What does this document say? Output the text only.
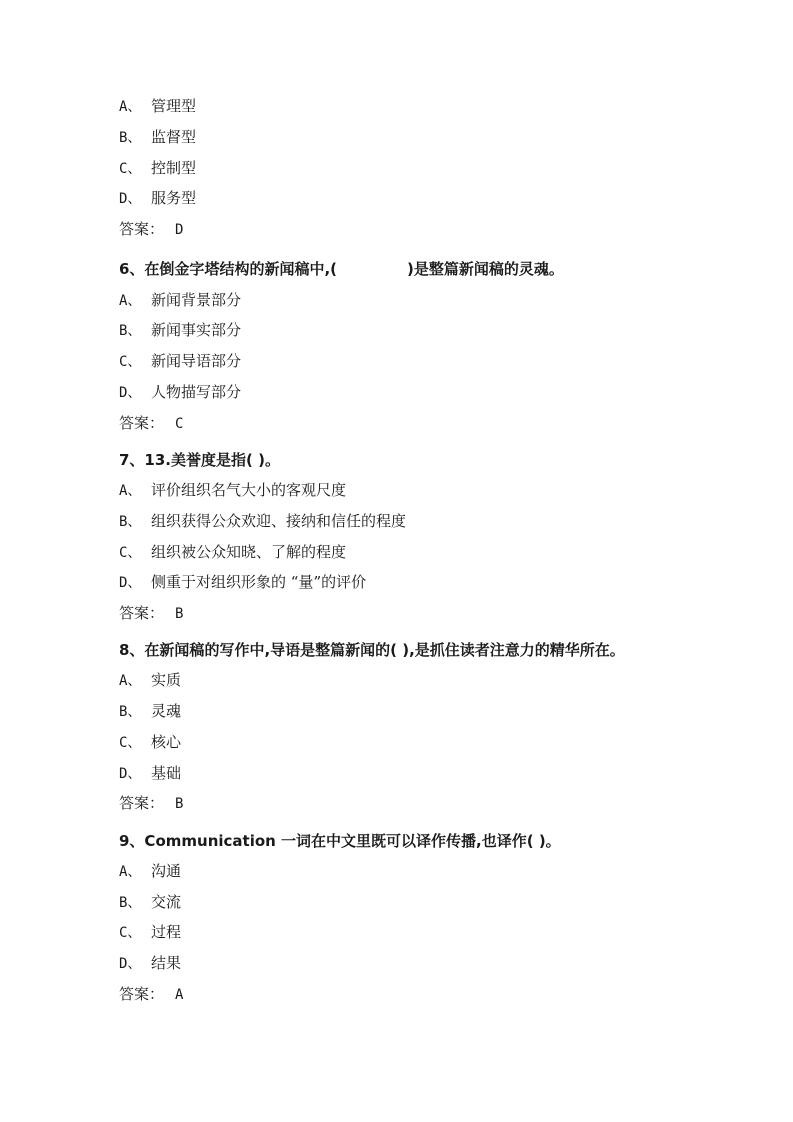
A、 管理型
B、 监督型
C、 控制型
D、 服务型
答案： D
6、在倒金字塔结构的新闻稿中,(	)是整篇新闻稿的灵魂。
A、 新闻背景部分
B、 新闻事实部分
C、 新闻导语部分
D、 人物描写部分
答案： C
7、13.美誉度是指( )。
A、 评价组织名气大小的客观尺度
B、 组织获得公众欢迎、接纳和信任的程度
C、 组织被公众知晓、了解的程度
D、 侧重于对组织形象的 “量”的评价
答案： B
8、在新闻稿的写作中,导语是整篇新闻的( ),是抓住读者注意力的精华所在。
A、 实质
B、 灵魂
C、 核心
D、 基础
答案： B
9、Communication 一词在中文里既可以译作传播,也译作( )。
A、 沟通
B、 交流
C、 过程
D、 结果
答案： A
